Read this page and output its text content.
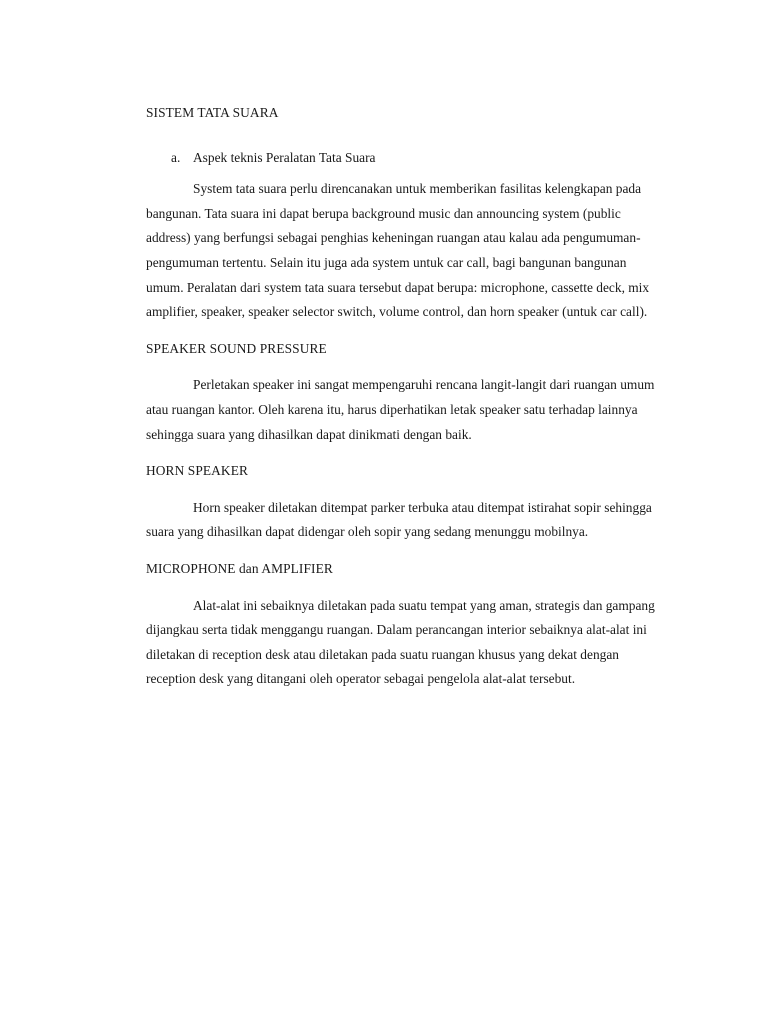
SISTEM TATA SUARA
a. Aspek teknis Peralatan Tata Suara

System tata suara perlu direncanakan untuk memberikan fasilitas kelengkapan pada bangunan. Tata suara ini dapat berupa background music dan announcing system (public address) yang berfungsi sebagai penghias keheningan ruangan atau kalau ada pengumuman-pengumuman tertentu. Selain itu juga ada system untuk car call, bagi bangunan bangunan umum. Peralatan dari system tata suara tersebut dapat berupa: microphone, cassette deck, mix amplifier, speaker, speaker selector switch, volume control, dan horn speaker (untuk car call).

SPEAKER SOUND PRESSURE

Perletakan speaker ini sangat mempengaruhi rencana langit-langit dari ruangan umum atau ruangan kantor. Oleh karena itu, harus diperhatikan letak speaker satu terhadap lainnya sehingga suara yang dihasilkan dapat dinikmati dengan baik.

HORN SPEAKER

Horn speaker diletakan ditempat parker terbuka atau ditempat istirahat sopir sehingga suara yang dihasilkan dapat didengar oleh sopir yang sedang menunggu mobilnya.

MICROPHONE dan AMPLIFIER

Alat-alat ini sebaiknya diletakan pada suatu tempat yang aman, strategis dan gampang dijangkau serta tidak menggangu ruangan. Dalam perancangan interior sebaiknya alat-alat ini diletakan di reception desk atau diletakan pada suatu ruangan khusus yang dekat dengan reception desk yang ditangani oleh operator sebagai pengelola alat-alat tersebut.
